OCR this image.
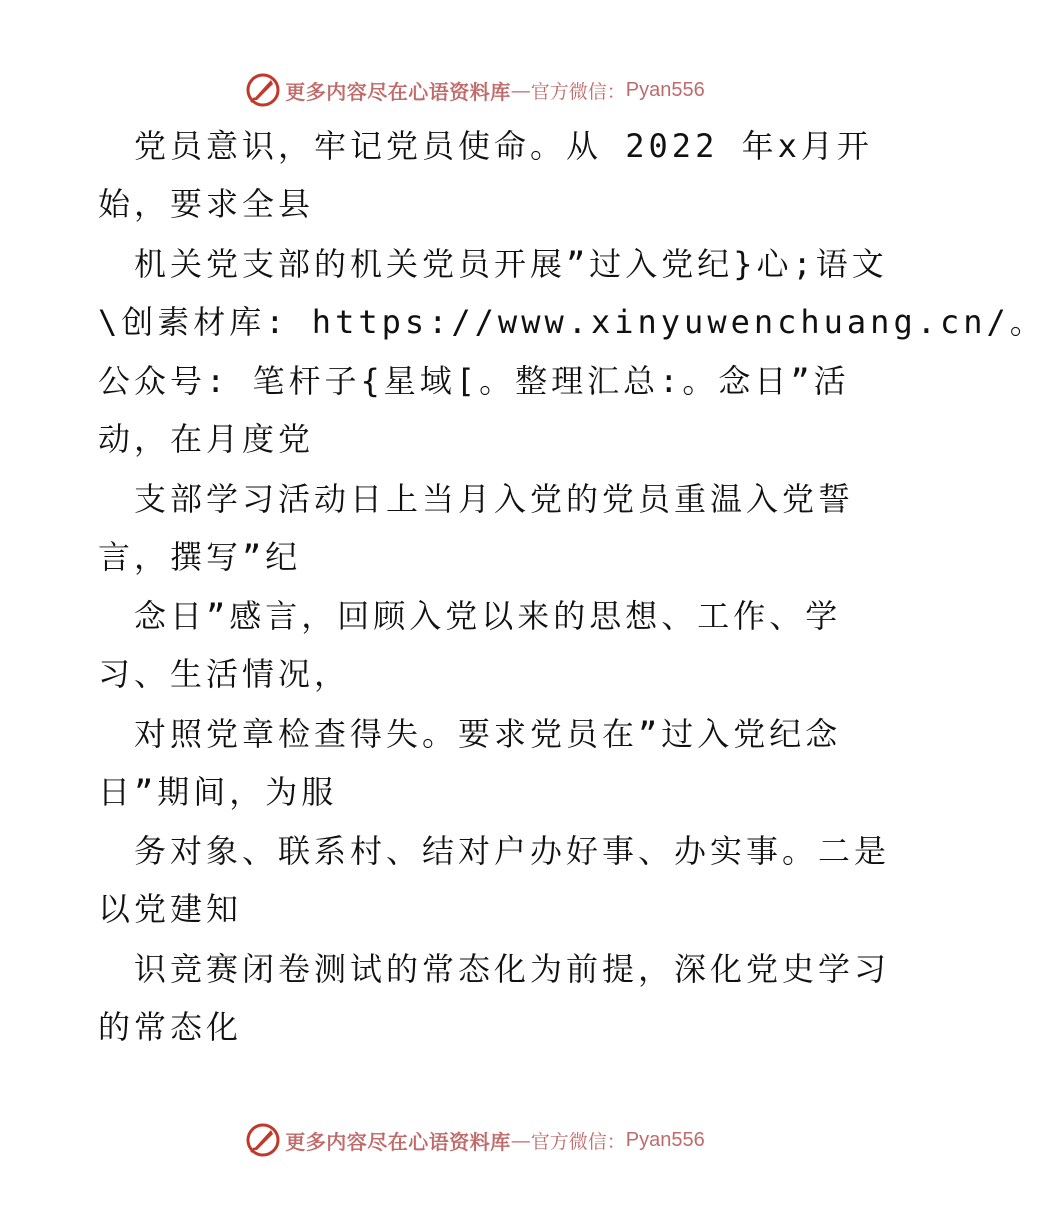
更多内容尽在心语资料库 — 官方微信： Pyan556
党员意识，牢记党员使命。从 2022 年x月开
始，要求全县
机关党支部的机关党员开展”过入党纪}心;语文
\创素材库: https://www.xinyuwenchuang.cn/。
公众号: 笔杆子{星域[。整理汇总:。念日”活
动，在月度党
支部学习活动日上当月入党的党员重温入党誓
言，撰写”纪
念日”感言，回顾入党以来的思想、工作、学
习、生活情况，
对照党章检查得失。要求党员在”过入党纪念
日”期间，为服
务对象、联系村、结对户办好事、办实事。二是
以党建知
识竞赛闭卷测试的常态化为前提，深化党史学习
的常态化
更多内容尽在心语资料库 — 官方微信： Pyan556
